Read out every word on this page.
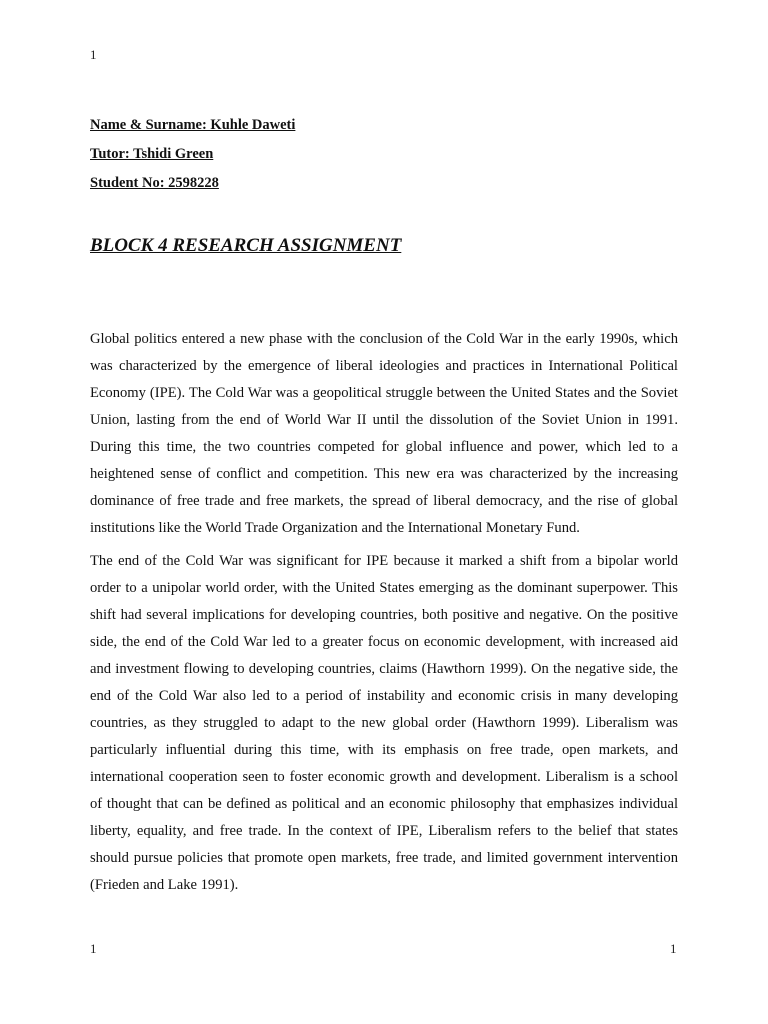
1

Name & Surname: Kuhle Daweti

Tutor: Tshidi Green

Student No: 2598228

BLOCK 4 RESEARCH ASSIGNMENT

Global politics entered a new phase with the conclusion of the Cold War in the early 1990s, which was characterized by the emergence of liberal ideologies and practices in International Political Economy (IPE). The Cold War was a geopolitical struggle between the United States and the Soviet Union, lasting from the end of World War II until the dissolution of the Soviet Union in 1991. During this time, the two countries competed for global influence and power, which led to a heightened sense of conflict and competition. This new era was characterized by the increasing dominance of free trade and free markets, the spread of liberal democracy, and the rise of global institutions like the World Trade Organization and the International Monetary Fund.

The end of the Cold War was significant for IPE because it marked a shift from a bipolar world order to a unipolar world order, with the United States emerging as the dominant superpower. This shift had several implications for developing countries, both positive and negative. On the positive side, the end of the Cold War led to a greater focus on economic development, with increased aid and investment flowing to developing countries, claims (Hawthorn 1999). On the negative side, the end of the Cold War also led to a period of instability and economic crisis in many developing countries, as they struggled to adapt to the new global order (Hawthorn 1999). Liberalism was particularly influential during this time, with its emphasis on free trade, open markets, and international cooperation seen to foster economic growth and development. Liberalism is a school of thought that can be defined as political and an economic philosophy that emphasizes individual liberty, equality, and free trade. In the context of IPE, Liberalism refers to the belief that states should pursue policies that promote open markets, free trade, and limited government intervention (Frieden and Lake 1991).

1	1
